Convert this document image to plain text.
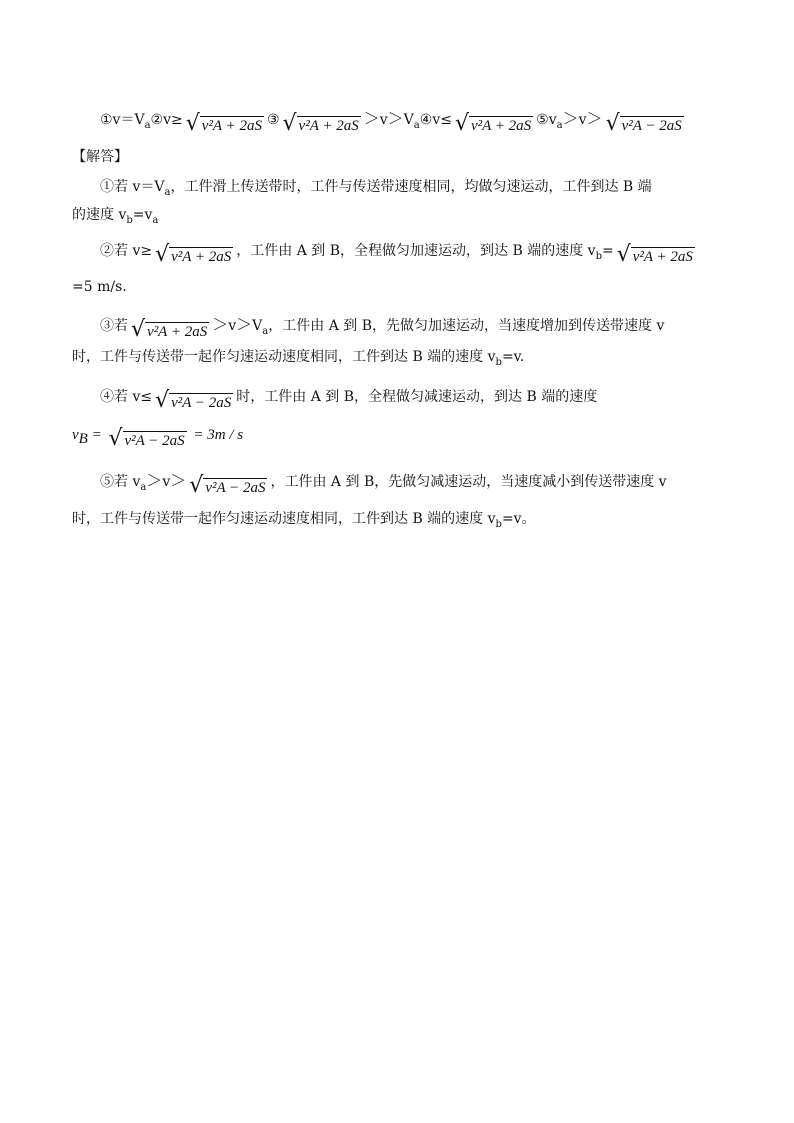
$①v=V_a②v\ge$ √ v²A + 2aS ③ √ $v^2A + 2aS >v>V_a④v\le$ √ v²A + 2aS $⑤v_a>v>$ √ v²A − 2aS
【解答】
①若 $v=V_a$，工件滑上传送带时，工件与传送带速度相同，均做匀速运动，工件到达 B 端
的速度 $v_b=v_a$
②若 v≥ √ v²A + 2aS ，工件由 A 到 B，全程做匀加速运动，到达 B 端的速度 $v_b=$ √ v²A + 2aS
=5 m/s.
③若 √ $v^2A + 2aS >v>V_a$，工件由 A 到 B，先做匀加速运动，当速度增加到传送带速度 v
时，工件与传送带一起作匀速运动速度相同，工件到达 B 端的速度 $v_b=v$.
④若 v≤ √ v²A − 2aS 时，工件由 A 到 B，全程做匀减速运动，到达 B 端的速度
$v_B$ = √ v²A − 2aS = 3m / s
⑤若 $v_a>v>$ √ v²A − 2aS ，工件由 A 到 B，先做匀减速运动，当速度减小到传送带速度 v
时，工件与传送带一起作匀速运动速度相同，工件到达 B 端的速度 $v_b=v$。
